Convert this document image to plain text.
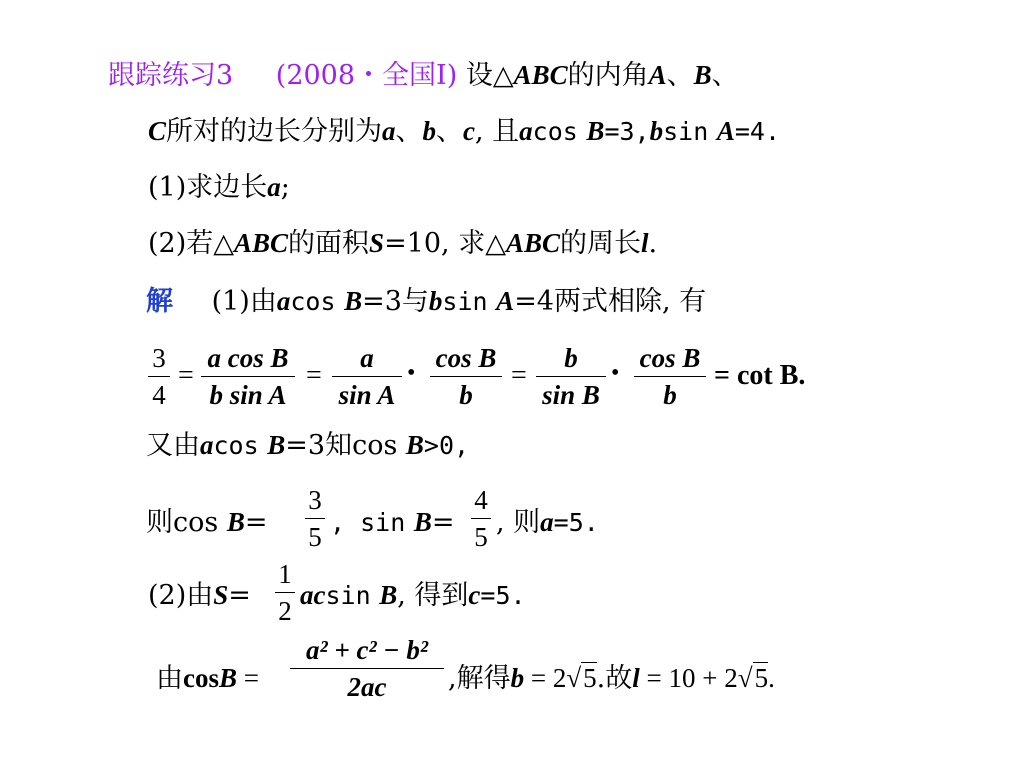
跟踪练习3 (2008・全国Ⅰ) 设△ABC的内角A、B、
C所对的边长分别为a、b、c, 且acos B=3,bsin A=4.
(1)求边长a;
(2)若△ABC的面积S=10, 求△ABC的周长l.
解 (1)由acos B=3与bsin A=4两式相除, 有
3
4
=
a cos B
b sin A
=
a
sin A
• cos B
b
=
b
sin B
• cos B
b
= cot B.
又由acos B=3知cos B>0,
则cos B=
3
5 , sin B=
4
5 , 则a=5.
(2)由S=
1
2
acsin B, 得到c=5.
由cosB =
a² + c² − b²
2ac	,解得b = 2√5.故l = 10 + 2√5.
